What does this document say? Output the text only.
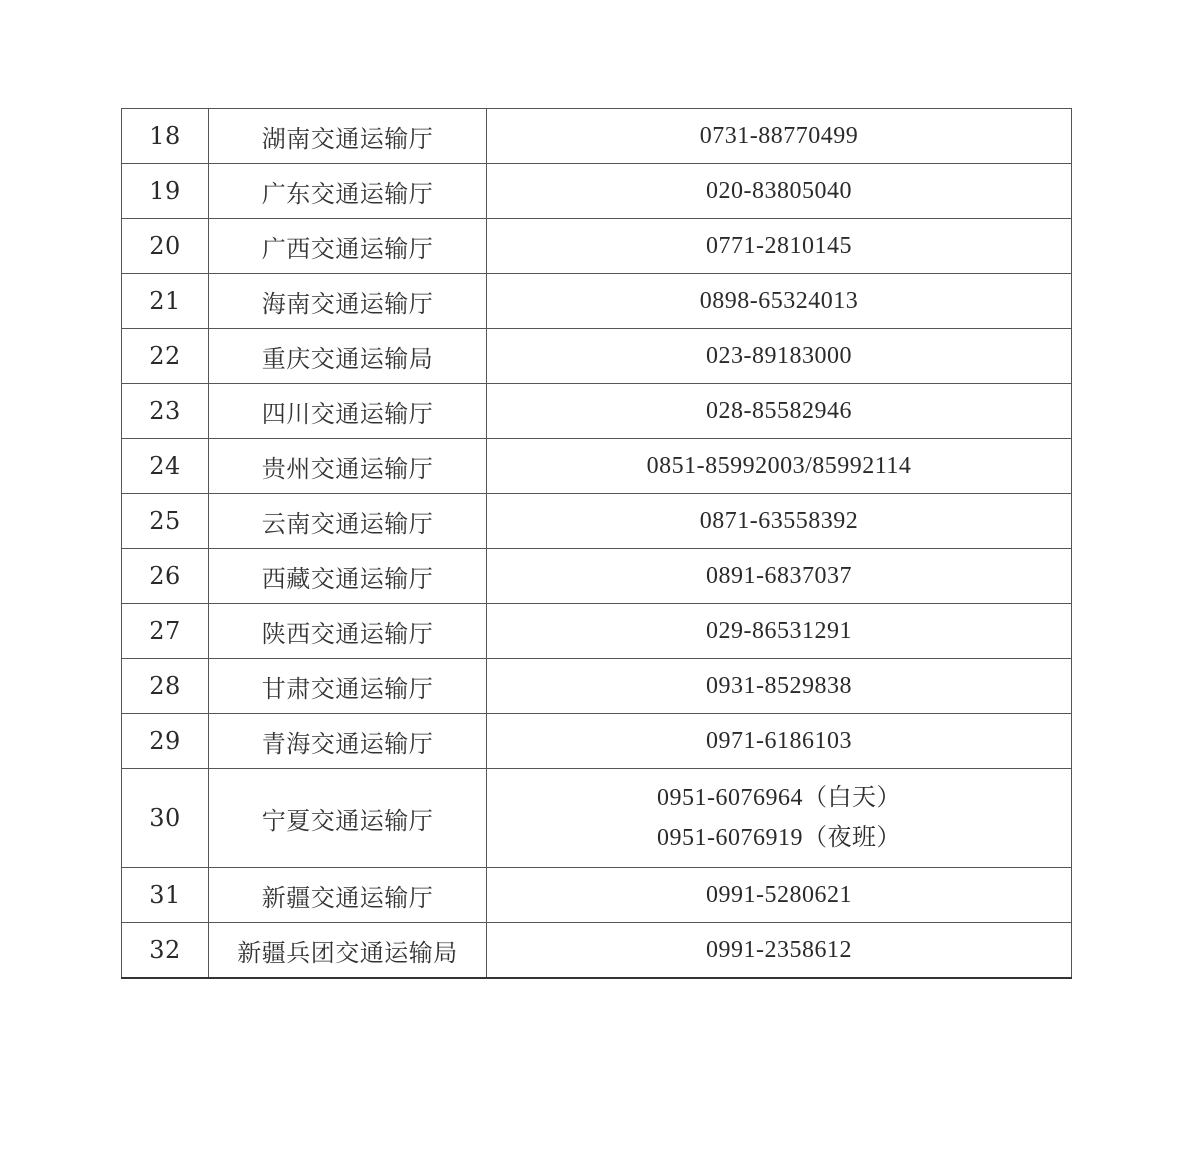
18	湖南交通运输厅	0731-88770499

19	广东交通运输厅	020-83805040

20	广西交通运输厅	0771-2810145

21	海南交通运输厅	0898-65324013

22	重庆交通运输局	023-89183000

23	四川交通运输厅	028-85582946

24	贵州交通运输厅	0851-85992003/85992114

25	云南交通运输厅	0871-63558392

26	西藏交通运输厅	0891-6837037

27	陕西交通运输厅	029-86531291

28	甘肃交通运输厅	0931-8529838

29	青海交通运输厅	0971-6186103

30	宁夏交通运输厅	0951-6076964（白天）
0951-6076919（夜班）

31	新疆交通运输厅	0991-5280621

32	新疆兵团交通运输局	0991-2358612
